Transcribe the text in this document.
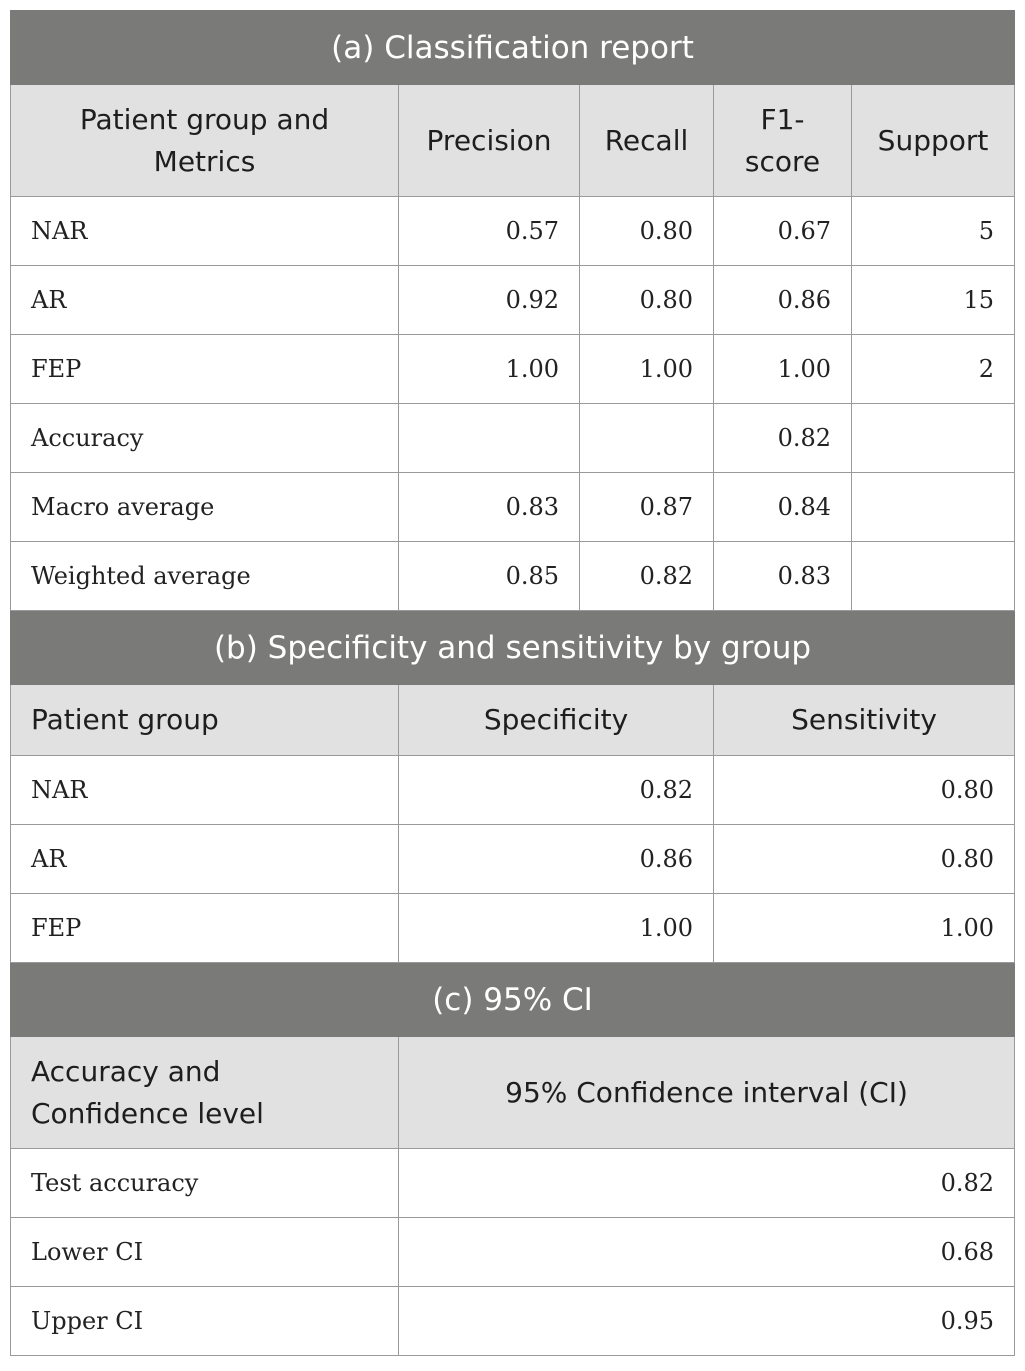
(a) Classification report				
Patient group and Metrics	Precision	Recall	F1-score	Support
NAR	0.57	0.80	0.67	5
AR	0.92	0.80	0.86	15
FEP	1.00	1.00	1.00	2
Accuracy			0.82	
Macro average	0.83	0.87	0.84	
Weighted average	0.85	0.82	0.83	
(b) Specificity and sensitivity by group				
Patient group	Specificity		Sensitivity	
NAR	0.82		0.80	
AR	0.86		0.80	
FEP	1.00		1.00	
(c) 95% CI				
Accuracy and Confidence level	95% Confidence interval (CI)			
Test accuracy	0.82			
Lower CI	0.68			
Upper CI	0.95			
